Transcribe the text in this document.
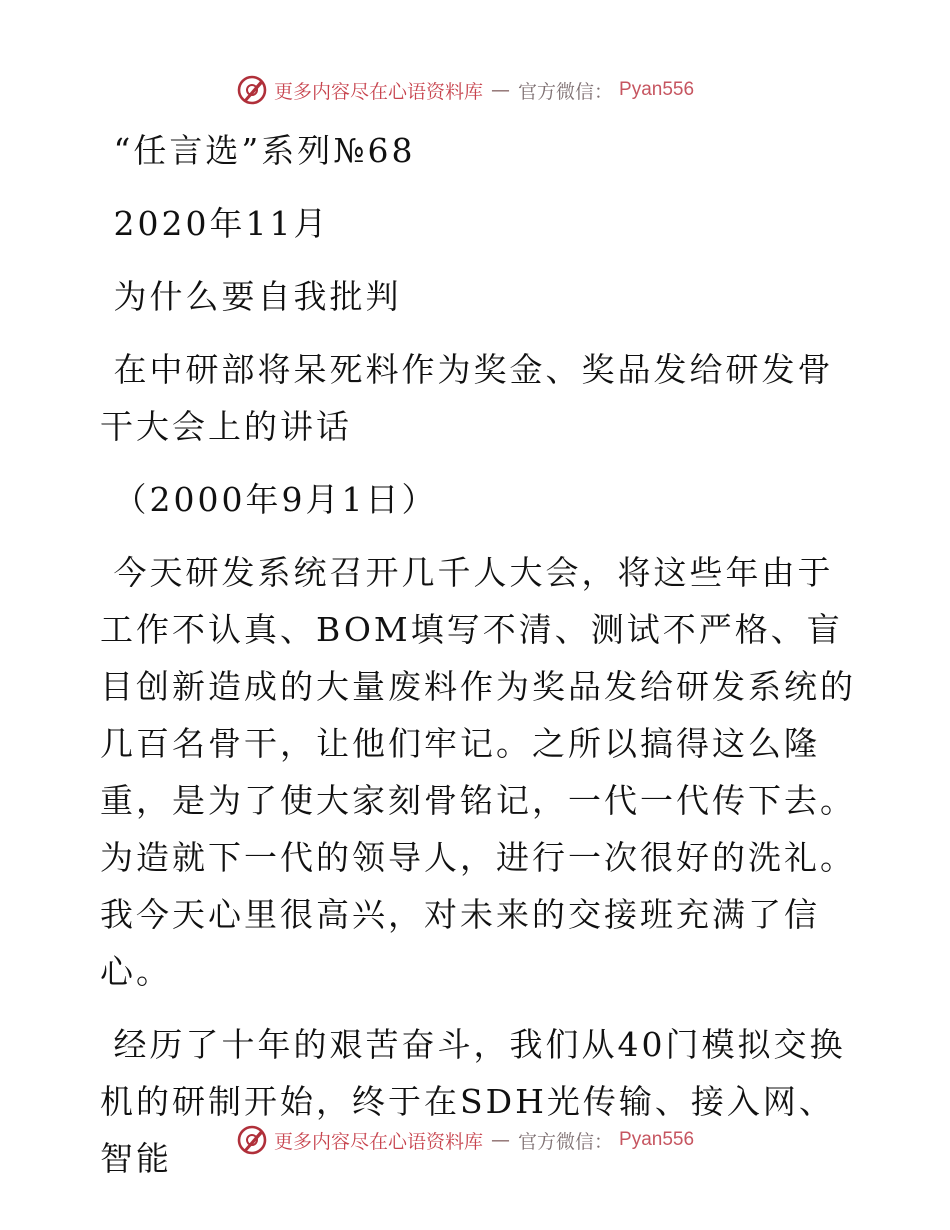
更多内容尽在心语资料库 — 官方微信： Pyan556

“任言选”系列№68

2020年11月

为什么要自我批判

在中研部将呆死料作为奖金、奖品发给研发骨干大会上的讲话

（2000年9月1日）

今天研发系统召开几千人大会，将这些年由于工作不认真、BOM填写不清、测试不严格、盲目创新造成的大量废料作为奖品发给研发系统的几百名骨干，让他们牢记。之所以搞得这么隆重，是为了使大家刻骨铭记，一代一代传下去。为造就下一代的领导人，进行一次很好的洗礼。我今天心里很高兴，对未来的交接班充满了信心。

经历了十年的艰苦奋斗，我们从40门模拟交换机的研制开始，终于在SDH光传输、接入网、智能	更多内容尽在心语资料库 — 官方微信： Pyan556
